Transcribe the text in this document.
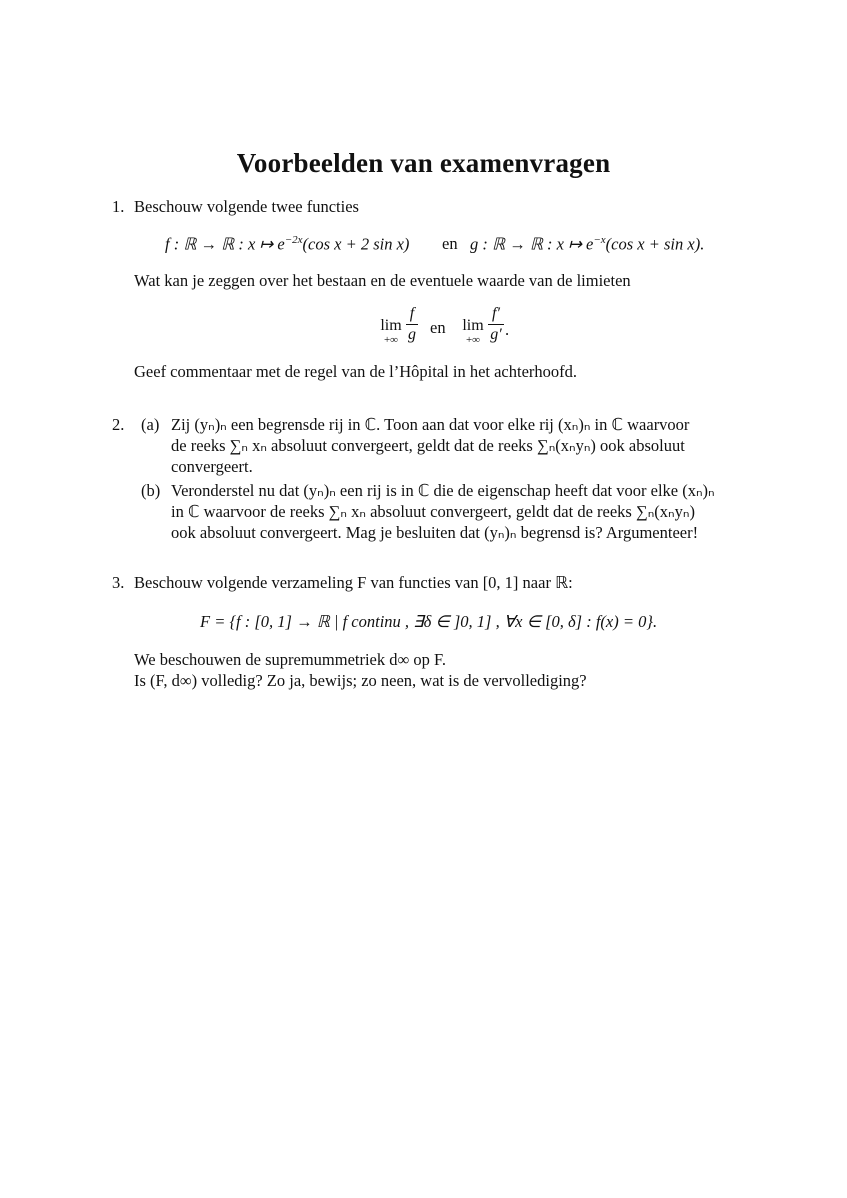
Voorbeelden van examenvragen
1. Beschouw volgende twee functies
f : ℝ → ℝ : x ↦ $e^{-2x}(\cos$ x + 2 sin x) en g : ℝ → ℝ : x ↦ $e^{-x}(\cos$ x + sin x).
Wat kan je zeggen over het bestaan en de eventuele waarde van de limieten
lim
+∞
f
g en lim
+∞
f′
g′ .
Geef commentaar met de regel van de l’Hôpital in het achterhoofd.
2. (a) Zij (yₙ)ₙ een begrensde rij in ℂ. Toon aan dat voor elke rij (xₙ)ₙ in ℂ waarvoor
de reeks ∑ₙ xₙ absoluut convergeert, geldt dat de reeks ∑ₙ(xₙyₙ) ook absoluut
convergeert.
(b) Veronderstel nu dat (yₙ)ₙ een rij is in ℂ die de eigenschap heeft dat voor elke (xₙ)ₙ
in ℂ waarvoor de reeks ∑ₙ xₙ absoluut convergeert, geldt dat de reeks ∑ₙ(xₙyₙ)
ook absoluut convergeert. Mag je besluiten dat (yₙ)ₙ begrensd is? Argumenteer!
3. Beschouw volgende verzameling F van functies van [0, 1] naar ℝ:
F = {f : [0, 1] → ℝ | f continu , ∃δ ∈ ]0, 1] , ∀x ∈ [0, δ] : f(x) = 0}.
We beschouwen de supremummetriek d∞ op F.
Is (F, d∞) volledig? Zo ja, bewijs; zo neen, wat is de vervollediging?
